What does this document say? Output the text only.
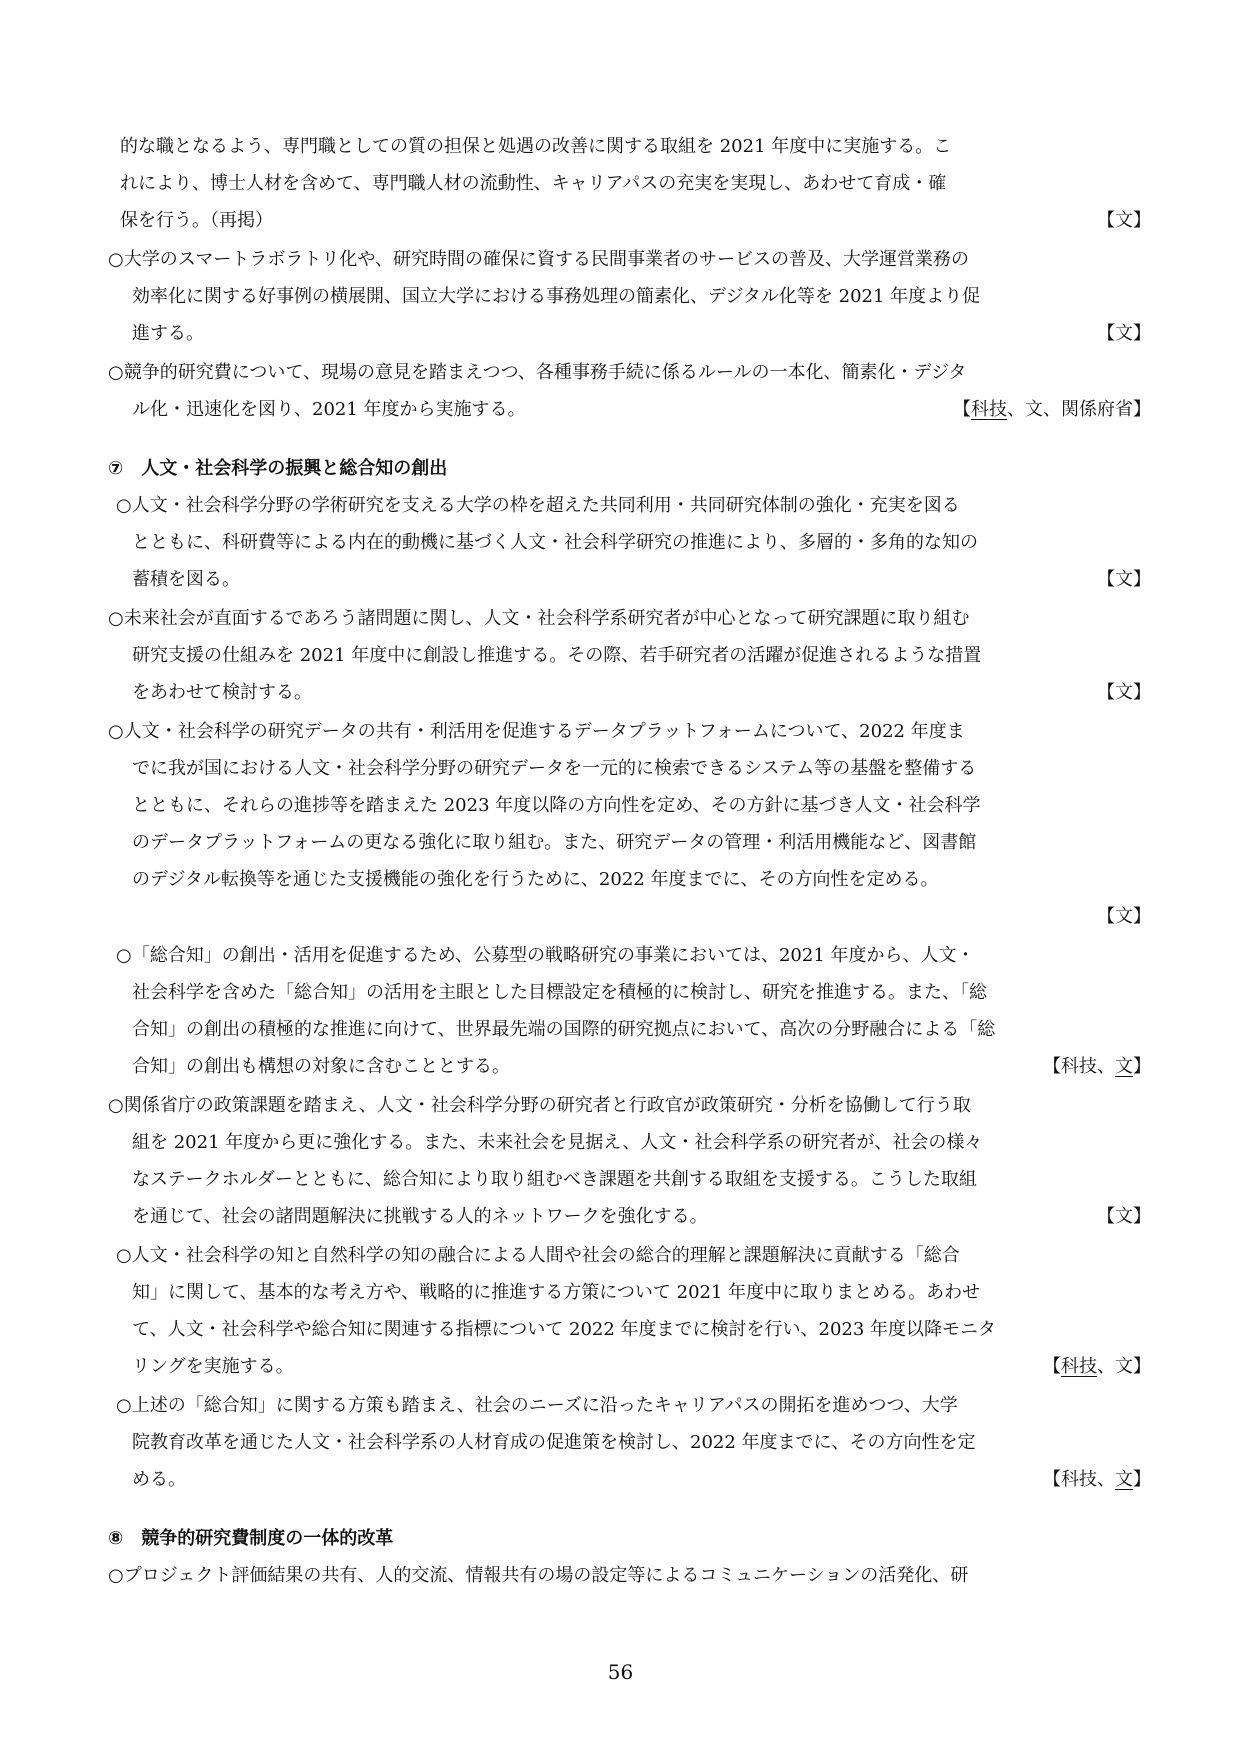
的な職となるよう、専門職としての質の担保と処遇の改善に関する取組を 2021 年度中に実施する。こ
れにより、博士人材を含めて、専門職人材の流動性、キャリアパスの充実を実現し、あわせて育成・確
保を行う。（再掲）	【文】
○大学のスマートラボラトリ化や、研究時間の確保に資する民間事業者のサービスの普及、大学運営業務の
効率化に関する好事例の横展開、国立大学における事務処理の簡素化、デジタル化等を 2021 年度より促
進する。	【文】
○競争的研究費について、現場の意見を踏まえつつ、各種事務手続に係るルールの一本化、簡素化・デジタ
ル化・迅速化を図り、2021 年度から実施する。	【科技、文、関係府省】
⑦　人文・社会科学の振興と総合知の創出
○人文・社会科学分野の学術研究を支える大学の枠を超えた共同利用・共同研究体制の強化・充実を図る
とともに、科研費等による内在的動機に基づく人文・社会科学研究の推進により、多層的・多角的な知の
蓄積を図る。	【文】
○未来社会が直面するであろう諸問題に関し、人文・社会科学系研究者が中心となって研究課題に取り組む
研究支援の仕組みを 2021 年度中に創設し推進する。その際、若手研究者の活躍が促進されるような措置
をあわせて検討する。	【文】
○人文・社会科学の研究データの共有・利活用を促進するデータプラットフォームについて、2022 年度ま
でに我が国における人文・社会科学分野の研究データを一元的に検索できるシステム等の基盤を整備する
とともに、それらの進捗等を踏まえた 2023 年度以降の方向性を定め、その方針に基づき人文・社会科学
のデータプラットフォームの更なる強化に取り組む。また、研究データの管理・利活用機能など、図書館
のデジタル転換等を通じた支援機能の強化を行うために、2022 年度までに、その方向性を定める。
【文】
○「総合知」の創出・活用を促進するため、公募型の戦略研究の事業においては、2021 年度から、人文・
社会科学を含めた「総合知」の活用を主眼とした目標設定を積極的に検討し、研究を推進する。また、「総
合知」の創出の積極的な推進に向けて、世界最先端の国際的研究拠点において、高次の分野融合による「総
合知」の創出も構想の対象に含むこととする。	【科技、文】
○関係省庁の政策課題を踏まえ、人文・社会科学分野の研究者と行政官が政策研究・分析を協働して行う取
組を 2021 年度から更に強化する。また、未来社会を見据え、人文・社会科学系の研究者が、社会の様々
なステークホルダーとともに、総合知により取り組むべき課題を共創する取組を支援する。こうした取組
を通じて、社会の諸問題解決に挑戦する人的ネットワークを強化する。	【文】
○人文・社会科学の知と自然科学の知の融合による人間や社会の総合的理解と課題解決に貢献する「総合
知」に関して、基本的な考え方や、戦略的に推進する方策について 2021 年度中に取りまとめる。あわせ
て、人文・社会科学や総合知に関連する指標について 2022 年度までに検討を行い、2023 年度以降モニタ
リングを実施する。	【科技、文】
○上述の「総合知」に関する方策も踏まえ、社会のニーズに沿ったキャリアパスの開拓を進めつつ、大学
院教育改革を通じた人文・社会科学系の人材育成の促進策を検討し、2022 年度までに、その方向性を定
める。	【科技、文】
⑧　競争的研究費制度の一体的改革
○プロジェクト評価結果の共有、人的交流、情報共有の場の設定等によるコミュニケーションの活発化、研
56
